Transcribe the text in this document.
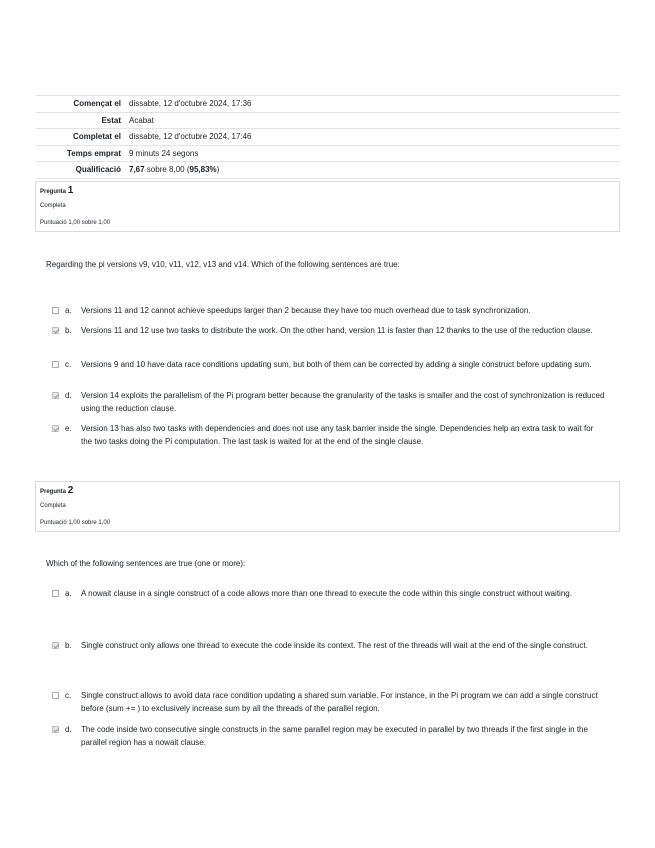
Començat el	dissabte, 12 d'octubre 2024, 17:36
Estat	Acabat
Completat el	dissabte, 12 d'octubre 2024, 17:46
Temps emprat	9 minuts 24 segons
Qualificació	7,67 sobre 8,00 (95,83%)
Pregunta 1
Completa
Puntuació 1,00 sobre 1,00
Regarding the pi versions v9, v10, v11, v12, v13 and v14. Which of the following sentences are true:
a. Versions 11 and 12 cannot achieve speedups larger than 2 because they have too much overhead due to task synchronization.
b. Versions 11 and 12 use two tasks to distribute the work. On the other hand, version 11 is faster than 12 thanks to the use of the reduction clause.
c. Versions 9 and 10 have data race conditions updating sum, but both of them can be corrected by adding a single construct before updating sum.
d. Version 14 exploits the parallelism of the Pi program better because the granularity of the tasks is smaller and the cost of synchronization is reduced using the reduction clause.
e. Version 13 has also two tasks with dependencies and does not use any task barrier inside the single. Dependencies help an extra task to wait for the two tasks doing the Pi computation. The last task is waited for at the end of the single clause.
Pregunta 2
Completa
Puntuació 1,00 sobre 1,00
Which of the following sentences are true (one or more):
a. A nowait clause in a single construct of a code allows more than one thread to execute the code within this single construct without waiting.
b. Single construct only allows one thread to execute the code inside its context. The rest of the threads will wait at the end of the single construct.
c. Single construct allows to avoid data race condition updating a shared sum variable. For instance, in the Pi program we can add a single construct before (sum += ) to exclusively increase sum by all the threads of the parallel region.
d. The code inside two consecutive single constructs in the same parallel region may be executed in parallel by two threads if the first single in the parallel region has a nowait clause.
